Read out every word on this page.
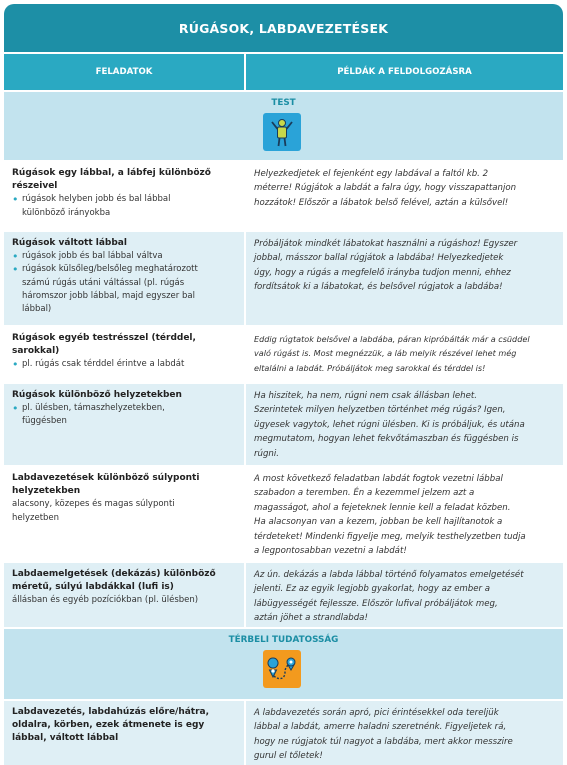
RÚGÁSOK, LABDAVEZETÉSEK
FELADATOK	PÉLDÁK A FELDOLGOZÁSRA
TEST
Rúgások egy lábbal, a lábfej különböző
részeivel
• rúgások helyben jobb és bal lábbal
különböző irányokba
Helyezkedjetek el fejenként egy labdával a faltól kb. 2
méterre! Rúgjátok a labdát a falra úgy, hogy visszapattanjon
hozzátok! Először a lábatok belső felével, aztán a külsővel!
Rúgások váltott lábbal
• rúgások jobb és bal lábbal váltva
• rúgások külsőleg/belsőleg meghatározott
számú rúgás utáni váltással (pl. rúgás
háromszor jobb lábbal, majd egyszer bal
lábbal)
Próbáljátok mindkét lábatokat használni a rúgáshoz! Egyszer
jobbal, másszor ballal rúgjátok a labdába! Helyezkedjetek
úgy, hogy a rúgás a megfelelő irányba tudjon menni, ehhez
fordítsátok ki a lábatokat, és belsővel rúgjatok a labdába!
Rúgások egyéb testrésszel (térddel,
sarokkal)
• pl. rúgás csak térddel érintve a labdát
Eddig rúgtatok belsővel a labdába, páran kipróbálták már a csüddel
való rúgást is. Most megnézzük, a láb melyik részével lehet még
eltalálni a labdát. Próbáljátok meg sarokkal és térddel is!
Rúgások különböző helyzetekben
• pl. ülésben, támaszhelyzetekben,
függésben
Ha hiszitek, ha nem, rúgni nem csak állásban lehet.
Szerintetek milyen helyzetben történhet még rúgás? Igen,
ügyesek vagytok, lehet rúgni ülésben. Ki is próbáljuk, és utána
megmutatom, hogyan lehet fekvőtámaszban és függésben is
rúgni.
Labdavezetések különböző súlyponti
helyzetekben
alacsony, közepes és magas súlyponti
helyzetben
A most következő feladatban labdát fogtok vezetni lábbal
szabadon a teremben. Én a kezemmel jelzem azt a
magasságot, ahol a fejeteknek lennie kell a feladat közben.
Ha alacsonyan van a kezem, jobban be kell hajlítanotok a
térdeteket! Mindenki figyelje meg, melyik testhelyzetben tudja
a legpontosabban vezetni a labdát!
Labdaemelgetések (dekázás) különböző
méretű, súlyú labdákkal (lufi is)
állásban és egyéb pozíciókban (pl. ülésben)
Az ún. dekázás a labda lábbal történő folyamatos emelgetését
jelenti. Ez az egyik legjobb gyakorlat, hogy az ember a
lábügyességét fejlessze. Először lufival próbáljátok meg,
aztán jöhet a strandlabda!
TÉRBELI TUDATOSSÁG
Labdavezetés, labdahúzás előre/hátra,
oldalra, körben, ezek átmenete is egy
lábbal, váltott lábbal
A labdavezetés során apró, pici érintésekkel oda tereljük
lábbal a labdát, amerre haladni szeretnénk. Figyeljetek rá,
hogy ne rúgjatok túl nagyot a labdába, mert akkor messzire
gurul el tőletek!
